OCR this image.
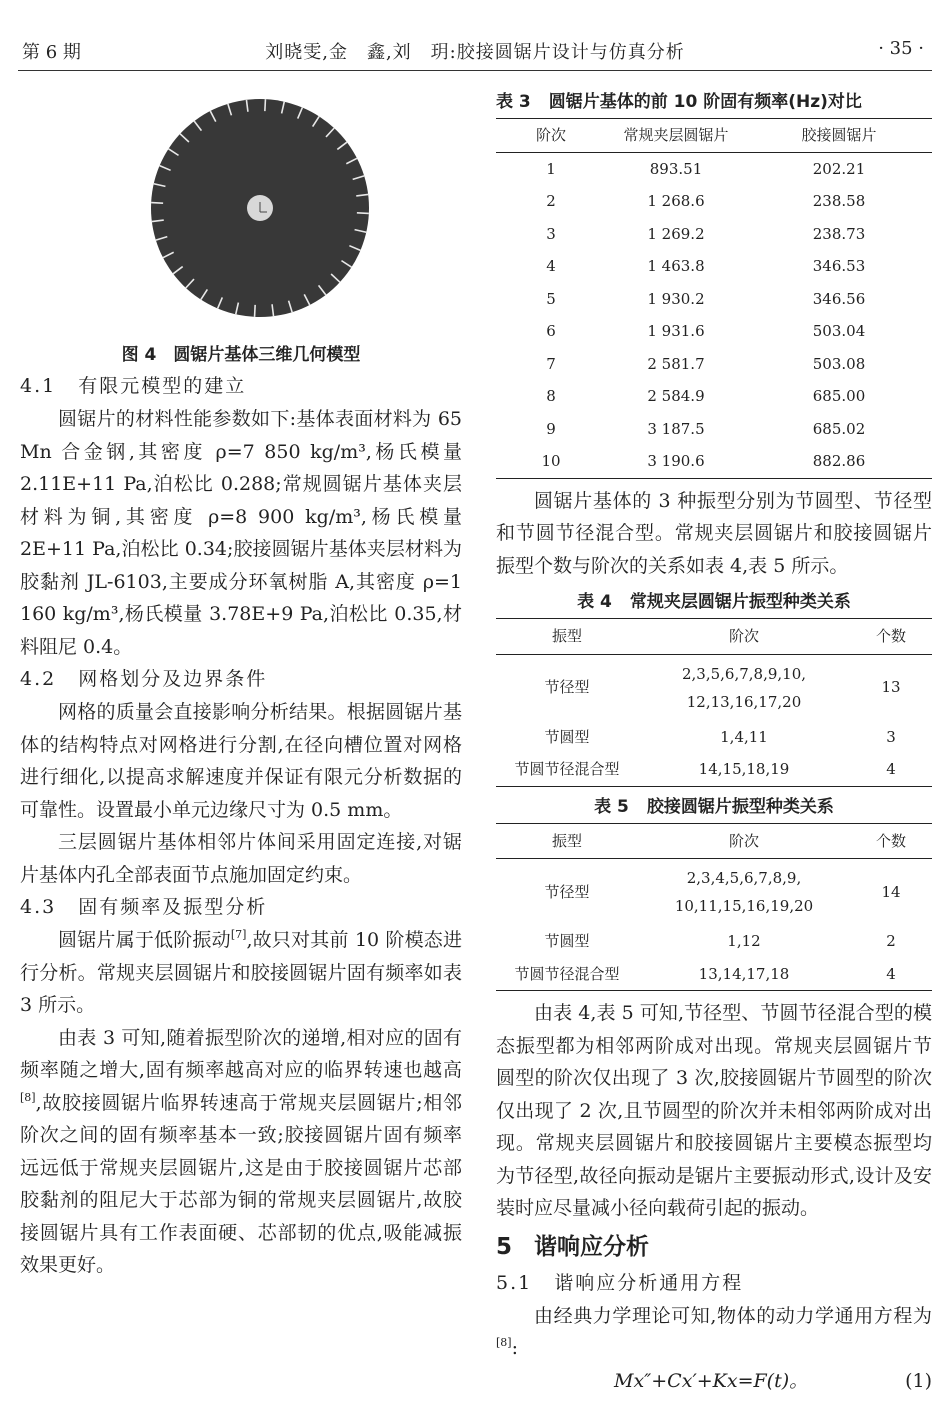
第 6 期	刘晓雯,金　鑫,刘　玥:胶接圆锯片设计与仿真分析	· 35 ·
图 4　圆锯片基体三维几何模型
4.1 有限元模型的建立

圆锯片的材料性能参数如下:基体表面材料为 65 Mn 合金钢,其密度 ρ=7 850 kg/m³,杨氏模量 2.11E+11 Pa,泊松比 0.288;常规圆锯片基体夹层材料为铜,其密度 ρ=8 900 kg/m³,杨氏模量 2E+11 Pa,泊松比 0.34;胶接圆锯片基体夹层材料为胶黏剂 JL-6103,主要成分环氧树脂 A,其密度 ρ=1 160 kg/m³,杨氏模量 3.78E+9 Pa,泊松比 0.35,材料阻尼 0.4。

4.2 网格划分及边界条件

网格的质量会直接影响分析结果。根据圆锯片基体的结构特点对网格进行分割,在径向槽位置对网格进行细化,以提高求解速度并保证有限元分析数据的可靠性。设置最小单元边缘尺寸为 0.5 mm。

三层圆锯片基体相邻片体间采用固定连接,对锯片基体内孔全部表面节点施加固定约束。

4.3 固有频率及振型分析

圆锯片属于低阶振动[7],故只对其前 10 阶模态进行分析。常规夹层圆锯片和胶接圆锯片固有频率如表 3 所示。

由表 3 可知,随着振型阶次的递增,相对应的固有频率随之增大,固有频率越高对应的临界转速也越高[8],故胶接圆锯片临界转速高于常规夹层圆锯片;相邻阶次之间的固有频率基本一致;胶接圆锯片固有频率远远低于常规夹层圆锯片,这是由于胶接圆锯片芯部胶黏剂的阻尼大于芯部为铜的常规夹层圆锯片,故胶接圆锯片具有工作表面硬、芯部韧的优点,吸能减振效果更好。

表 3 圆锯片基体的前 10 阶固有频率(Hz)对比
阶次	常规夹层圆锯片	胶接圆锯片
1	893.51	202.21
2	1 268.6	238.58
3	1 269.2	238.73
4	1 463.8	346.53
5	1 930.2	346.56
6	1 931.6	503.04
7	2 581.7	503.08
8	2 584.9	685.00
9	3 187.5	685.02
10	3 190.6	882.86

圆锯片基体的 3 种振型分别为节圆型、节径型和节圆节径混合型。常规夹层圆锯片和胶接圆锯片振型个数与阶次的关系如表 4,表 5 所示。

表 4 常规夹层圆锯片振型种类关系
振型	阶次	个数
节径型	2,3,5,6,7,8,9,10,
12,13,16,17,20	13
节圆型	1,4,11	3
节圆节径混合型	14,15,18,19	4
表 5 胶接圆锯片振型种类关系
振型	阶次	个数
节径型	2,3,4,5,6,7,8,9,
10,11,15,16,19,20	14
节圆型	1,12	2
节圆节径混合型	13,14,17,18	4

由表 4,表 5 可知,节径型、节圆节径混合型的模态振型都为相邻两阶成对出现。常规夹层圆锯片节圆型的阶次仅出现了 3 次,胶接圆锯片节圆型的阶次仅出现了 2 次,且节圆型的阶次并未相邻两阶成对出现。常规夹层圆锯片和胶接圆锯片主要模态振型均为节径型,故径向振动是锯片主要振动形式,设计及安装时应尽量减小径向载荷引起的振动。

5 谐响应分析
5.1 谐响应分析通用方程

由经典力学理论可知,物体的动力学通用方程为[8]:

Mx″+Cx′+Kx=F(t)。	(1)
